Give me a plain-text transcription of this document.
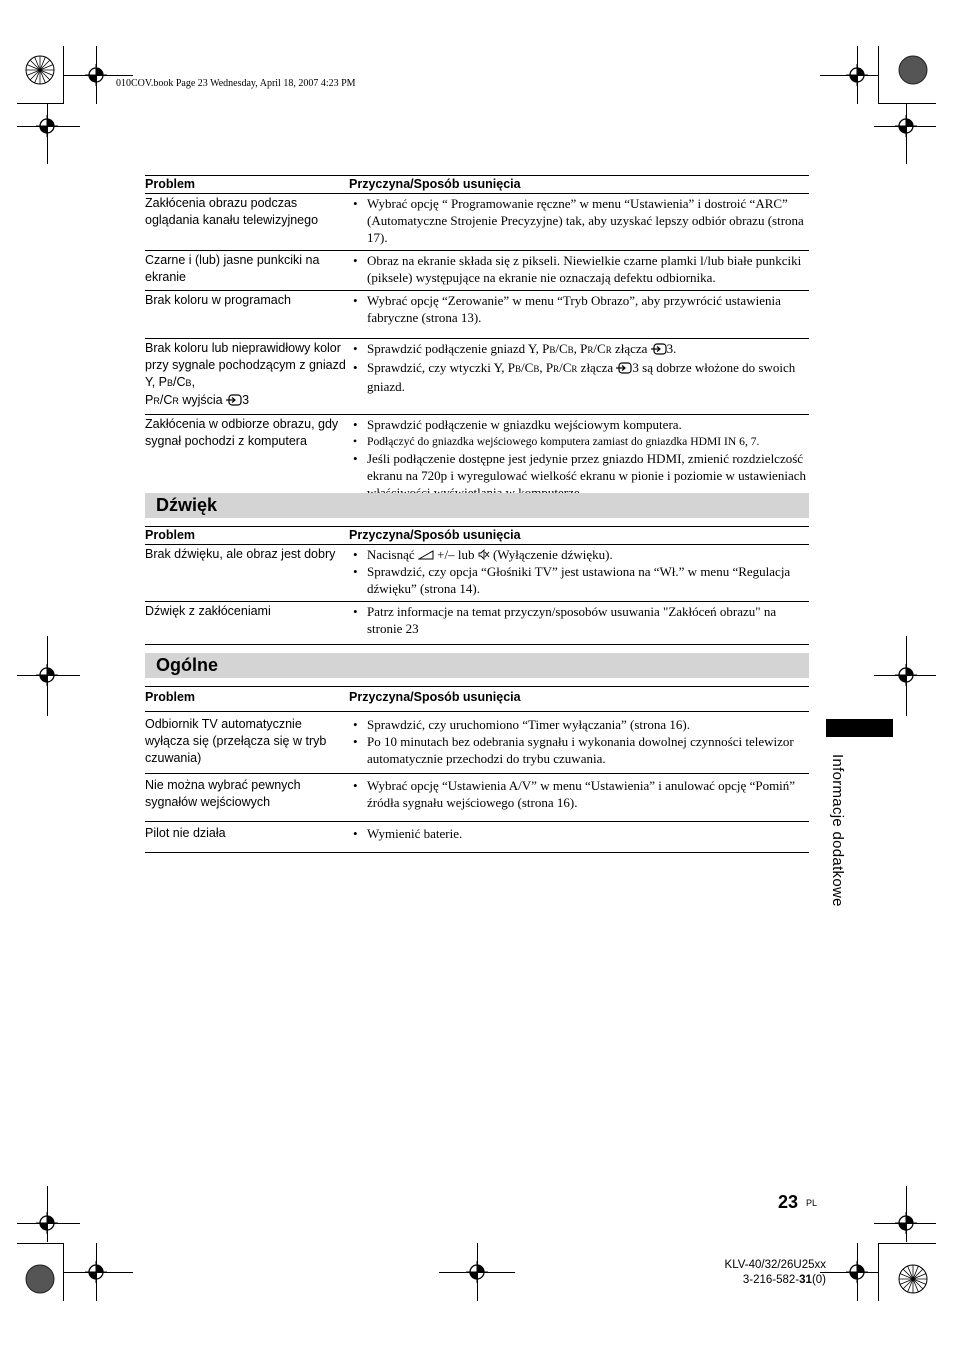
010COV.book Page 23 Wednesday, April 18, 2007 4:23 PM
Problem	Przyczyna/Sposób usunięcia
Zakłócenia obrazu podczas oglądania kanału telewizyjnego
• Wybrać opcję “ Programowanie ręczne” w menu “Ustawienia” i dostroić “ARC” (Automatyczne Strojenie Precyzyjne) tak, aby uzyskać lepszy odbiór obrazu (strona 17).
Czarne i (lub) jasne punkciki na ekranie
• Obraz na ekranie składa się z pikseli. Niewielkie czarne plamki l/lub białe punkciki (piksele) występujące na ekranie nie oznaczają defektu odbiornika.
Brak koloru w programach	• Wybrać opcję “Zerowanie” w menu “Tryb Obrazo”, aby przywrócić ustawienia fabryczne (strona 13).
Brak koloru lub nieprawidłowy kolor przy sygnale pochodzącym z gniazd Y, PB/CB,
PR/CR wyjścia 3
• Sprawdzić podłączenie gniazd Y, PB/CB, PR/CR złącza 3.
• Sprawdzić, czy wtyczki Y, PB/CB, PR/CR złącza 3 są dobrze włożone do swoich gniazd.
Zakłócenia w odbiorze obrazu, gdy sygnał pochodzi z komputera
• Sprawdzić podłączenie w gniazdku wejściowym komputera.
• Podłączyć do gniazdka wejściowego komputera zamiast do gniazdka HDMI IN 6, 7.
• Jeśli podłączenie dostępne jest jedynie przez gniazdo HDMI, zmienić rozdzielczość ekranu na 720p i wyregulować wielkość ekranu w pionie i poziomie w ustawieniach
Dźwięk
Problem	Przyczyna/Sposób usunięcia
Brak dźwięku, ale obraz jest dobry	• Nacisnąć +/– lub (Wyłączenie dźwięku).
• Sprawdzić, czy opcja “Głośniki TV” jest ustawiona na “Wł.” w menu “Regulacja dźwięku” (strona 14).
Dźwięk z zakłóceniami	• Patrz informacje na temat przyczyn/sposobów usuwania "Zakłóceń obrazu" na stronie 23
Ogólne
Problem	Przyczyna/Sposób usunięcia
Odbiornik TV automatycznie wyłącza się (przełącza się w tryb czuwania)
• Sprawdzić, czy uruchomiono “Timer wyłączania” (strona 16).
• Po 10 minutach bez odebrania sygnału i wykonania dowolnej czynności telewizor automatycznie przechodzi do trybu czuwania.
Nie można wybrać pewnych sygnałów wejściowych
• Wybrać opcję “Ustawienia A/V” w menu “Ustawienia” i anulować opcję “Pomiń” źródła sygnału wejściowego (strona 16).
Pilot nie działa	• Wymienić baterie.	Informacje dodatkowe
23 PL
KLV-40/32/26U25xx
3-216-582-31(0)
